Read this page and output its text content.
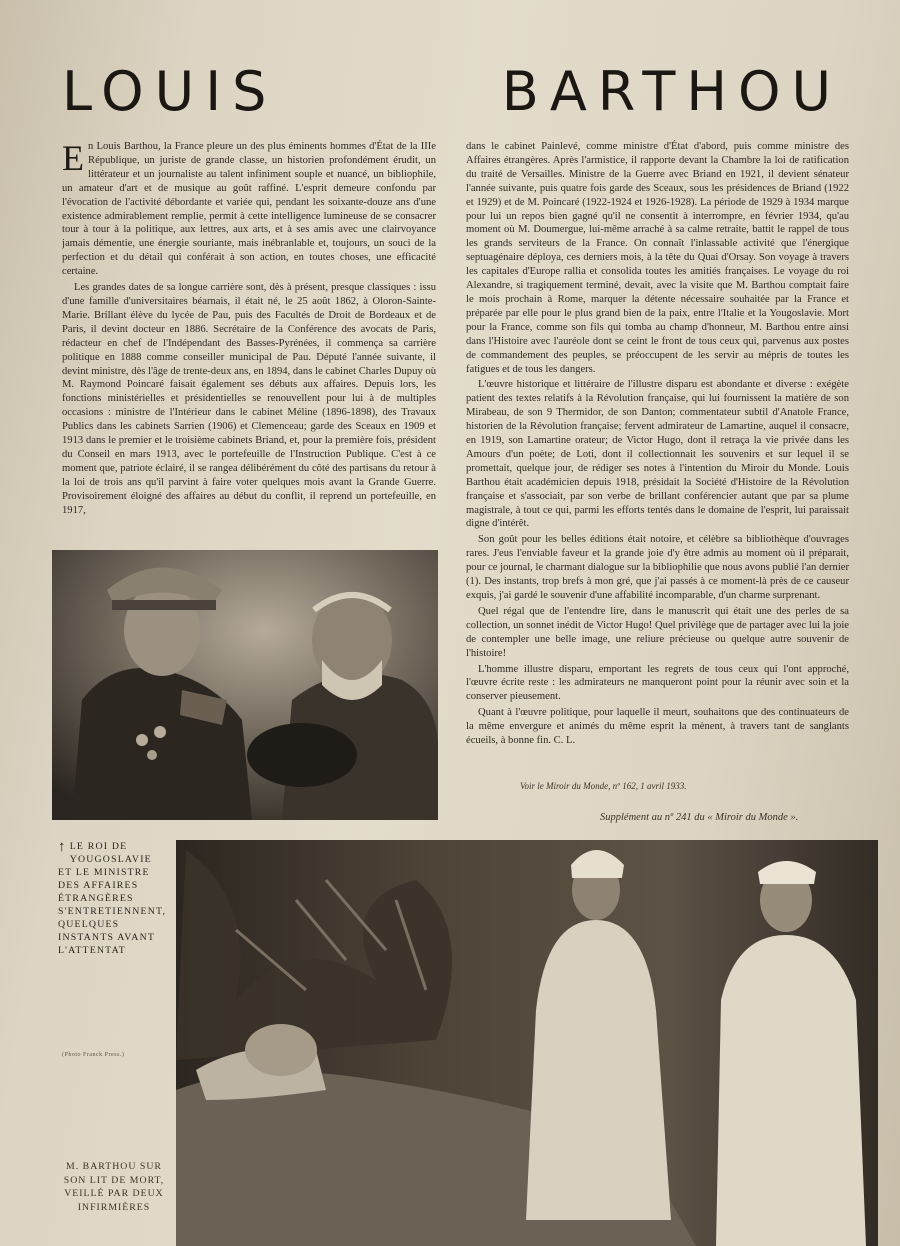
LOUIS	BARTHOU

En Louis Barthou, la France pleure un des plus éminents hommes d'État de la IIIe République, un juriste de grande classe, un historien profondément érudit, un littérateur et un journaliste au talent infiniment souple et nuancé, un bibliophile, un amateur d'art et de musique au goût raffiné. L'esprit demeure confondu par l'évocation de l'activité débordante et variée qui, pendant les soixante-douze ans d'une existence admirablement remplie, permit à cette intelligence lumineuse de se consacrer tour à tour à la politique, aux lettres, aux arts, et à ses amis avec une clairvoyance jamais démentie, une énergie souriante, mais inébranlable et, toujours, un souci de la perfection et du détail qui conférait à son action, en toutes choses, une efficacité certaine.

Les grandes dates de sa longue carrière sont, dès à présent, presque classiques : issu d'une famille d'universitaires béarnais, il était né, le 25 août 1862, à Oloron-Sainte-Marie. Brillant élève du lycée de Pau, puis des Facultés de Droit de Bordeaux et de Paris, il devint docteur en 1886. Secrétaire de la Conférence des avocats de Paris, rédacteur en chef de l'Indépendant des Basses-Pyrénées, il commença sa carrière politique en 1888 comme conseiller municipal de Pau. Député l'année suivante, il devint ministre, dès l'âge de trente-deux ans, en 1894, dans le cabinet Charles Dupuy où M. Raymond Poincaré faisait également ses débuts aux affaires. Depuis lors, les fonctions ministérielles et présidentielles se renouvellent pour lui à de multiples occasions : ministre de l'Intérieur dans le cabinet Méline (1896-1898), des Travaux Publics dans les cabinets Sarrien (1906) et Clemenceau; garde des Sceaux en 1909 et 1913 dans le premier et le troisième cabinets Briand, et, pour la première fois, président du Conseil en mars 1913, avec le portefeuille de l'Instruction Publique. C'est à ce moment que, patriote éclairé, il se rangea délibérément du côté des partisans du retour à la loi de trois ans qu'il parvint à faire voter quelques mois avant la Grande Guerre. Provisoirement éloigné des affaires au début du conflit, il reprend un portefeuille, en 1917,

dans le cabinet Painlevé, comme ministre d'État d'abord, puis comme ministre des Affaires étrangères. Après l'armistice, il rapporte devant la Chambre la loi de ratification du traité de Versailles. Ministre de la Guerre avec Briand en 1921, il devient sénateur l'année suivante, puis quatre fois garde des Sceaux, sous les présidences de Briand (1922 et 1929) et de M. Poincaré (1922-1924 et 1926-1928). La période de 1929 à 1934 marque pour lui un repos bien gagné qu'il ne consentit à interrompre, en février 1934, qu'au moment où M. Doumergue, lui-même arraché à sa calme retraite, battit le rappel de tous les grands serviteurs de la France. On connaît l'inlassable activité que l'énergique septuagénaire déploya, ces derniers mois, à la tête du Quai d'Orsay. Son voyage à travers les capitales d'Europe rallia et consolida toutes les amitiés françaises. Le voyage du roi Alexandre, si tragiquement terminé, devait, avec la visite que M. Barthou comptait faire le mois prochain à Rome, marquer la détente nécessaire souhaitée par la France et préparée par elle pour le plus grand bien de la paix, entre l'Italie et la Yougoslavie. Mort pour la France, comme son fils qui tomba au champ d'honneur, M. Barthou entre ainsi dans l'Histoire avec l'auréole dont se ceint le front de tous ceux qui, parvenus aux postes de commandement des peuples, se préoccupent de les servir au mépris de toutes les fatigues et de tous les dangers.

L'œuvre historique et littéraire de l'illustre disparu est abondante et diverse : exégète patient des textes relatifs à la Révolution française, qui lui fournissent la matière de son Mirabeau, de son 9 Thermidor, de son Danton; commentateur subtil d'Anatole France, historien de la Révolution française; fervent admirateur de Lamartine, auquel il consacre, en 1919, son Lamartine orateur; de Victor Hugo, dont il retraça la vie privée dans les Amours d'un poète; de Loti, dont il collectionnait les souvenirs et sur lequel il se promettait, quelque jour, de rédiger ses notes à l'intention du Miroir du Monde. Louis Barthou était académicien depuis 1918, présidait la Société d'Histoire de la Révolution française et s'associait, par son verbe de brillant conférencier autant que par sa plume magistrale, à tout ce qui, parmi les efforts tentés dans le domaine de l'esprit, lui paraissait digne d'intérêt.

Son goût pour les belles éditions était notoire, et célèbre sa bibliothèque d'ouvrages rares. J'eus l'enviable faveur et la grande joie d'y être admis au moment où il préparait, pour ce journal, le charmant dialogue sur la bibliophilie que nous avons publié l'an dernier (1). Des instants, trop brefs à mon gré, que j'ai passés à ce moment-là près de ce causeur exquis, j'ai gardé le souvenir d'une affabilité incomparable, d'un charme surprenant.

Quel régal que de l'entendre lire, dans le manuscrit qui était une des perles de sa collection, un sonnet inédit de Victor Hugo! Quel privilège que de partager avec lui la joie de contempler une belle image, une reliure précieuse ou quelque autre souvenir de l'histoire!

L'homme illustre disparu, emportant les regrets de tous ceux qui l'ont approché, l'œuvre écrite reste : les admirateurs ne manqueront point pour la réunir avec soin et la conserver pieusement.

Quant à l'œuvre politique, pour laquelle il meurt, souhaitons que des continuateurs de la même envergure et animés du même esprit la mènent, à travers tant de sanglants écueils, à bonne fin. C. L.

Voir le Miroir du Monde, nº 162, 1 avril 1933.
Supplément au nº 241 du « Miroir du Monde ».
↑ LE ROI DE YOUGOSLAVIE ET LE MINISTRE DES AFFAIRES ÉTRANGÈRES S'ENTRETIENNENT, QUELQUES INSTANTS AVANT L'ATTENTAT
(Photo Franck Press.)
M. BARTHOU SUR SON LIT DE MORT, VEILLÉ PAR DEUX INFIRMIÈRES
